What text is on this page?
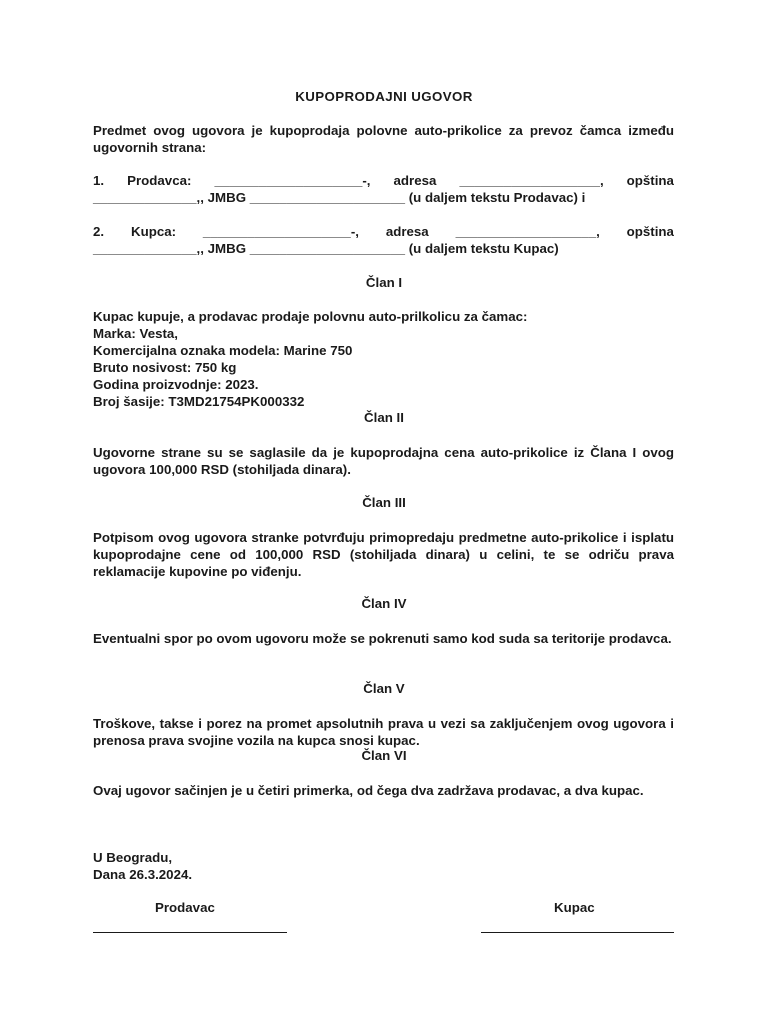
KUPOPRODAJNI UGOVOR
Predmet ovog ugovora je kupoprodaja polovne auto-prikolice za prevoz čamca između ugovornih strana:
1. Prodavca: ____________________-, adresa ___________________, opština
______________,, JMBG _____________________ (u daljem tekstu Prodavac) i
2. Kupca: ____________________-, adresa ___________________, opština
______________,, JMBG _____________________ (u daljem tekstu Kupac)
Član I
Kupac kupuje, a prodavac prodaje polovnu auto-prilkolicu za čamac:
Marka: Vesta,
Komercijalna oznaka modela: Marine 750
Bruto nosivost: 750 kg
Godina proizvodnje: 2023.
Broj šasije: T3MD21754PK000332
Član II
Ugovorne strane su se saglasile da je kupoprodajna cena auto-prikolice iz Člana I ovog ugovora 100,000 RSD (stohiljada dinara).
Član III
Potpisom ovog ugovora stranke potvrđuju primopredaju predmetne auto-prikolice i isplatu kupoprodajne cene od 100,000 RSD (stohiljada dinara) u celini, te se odriču prava reklamacije kupovine po viđenju.
Član IV
Eventualni spor po ovom ugovoru može se pokrenuti samo kod suda sa teritorije prodavca.
Član V
Troškove, takse i porez na promet apsolutnih prava u vezi sa zaključenjem ovog ugovora i prenosa prava svojine vozila na kupca snosi kupac.
Član VI
Ovaj ugovor sačinjen je u četiri primerka, od čega dva zadržava prodavac, a dva kupac.
U Beogradu,
Dana 26.3.2024.
Prodavac	Kupac
